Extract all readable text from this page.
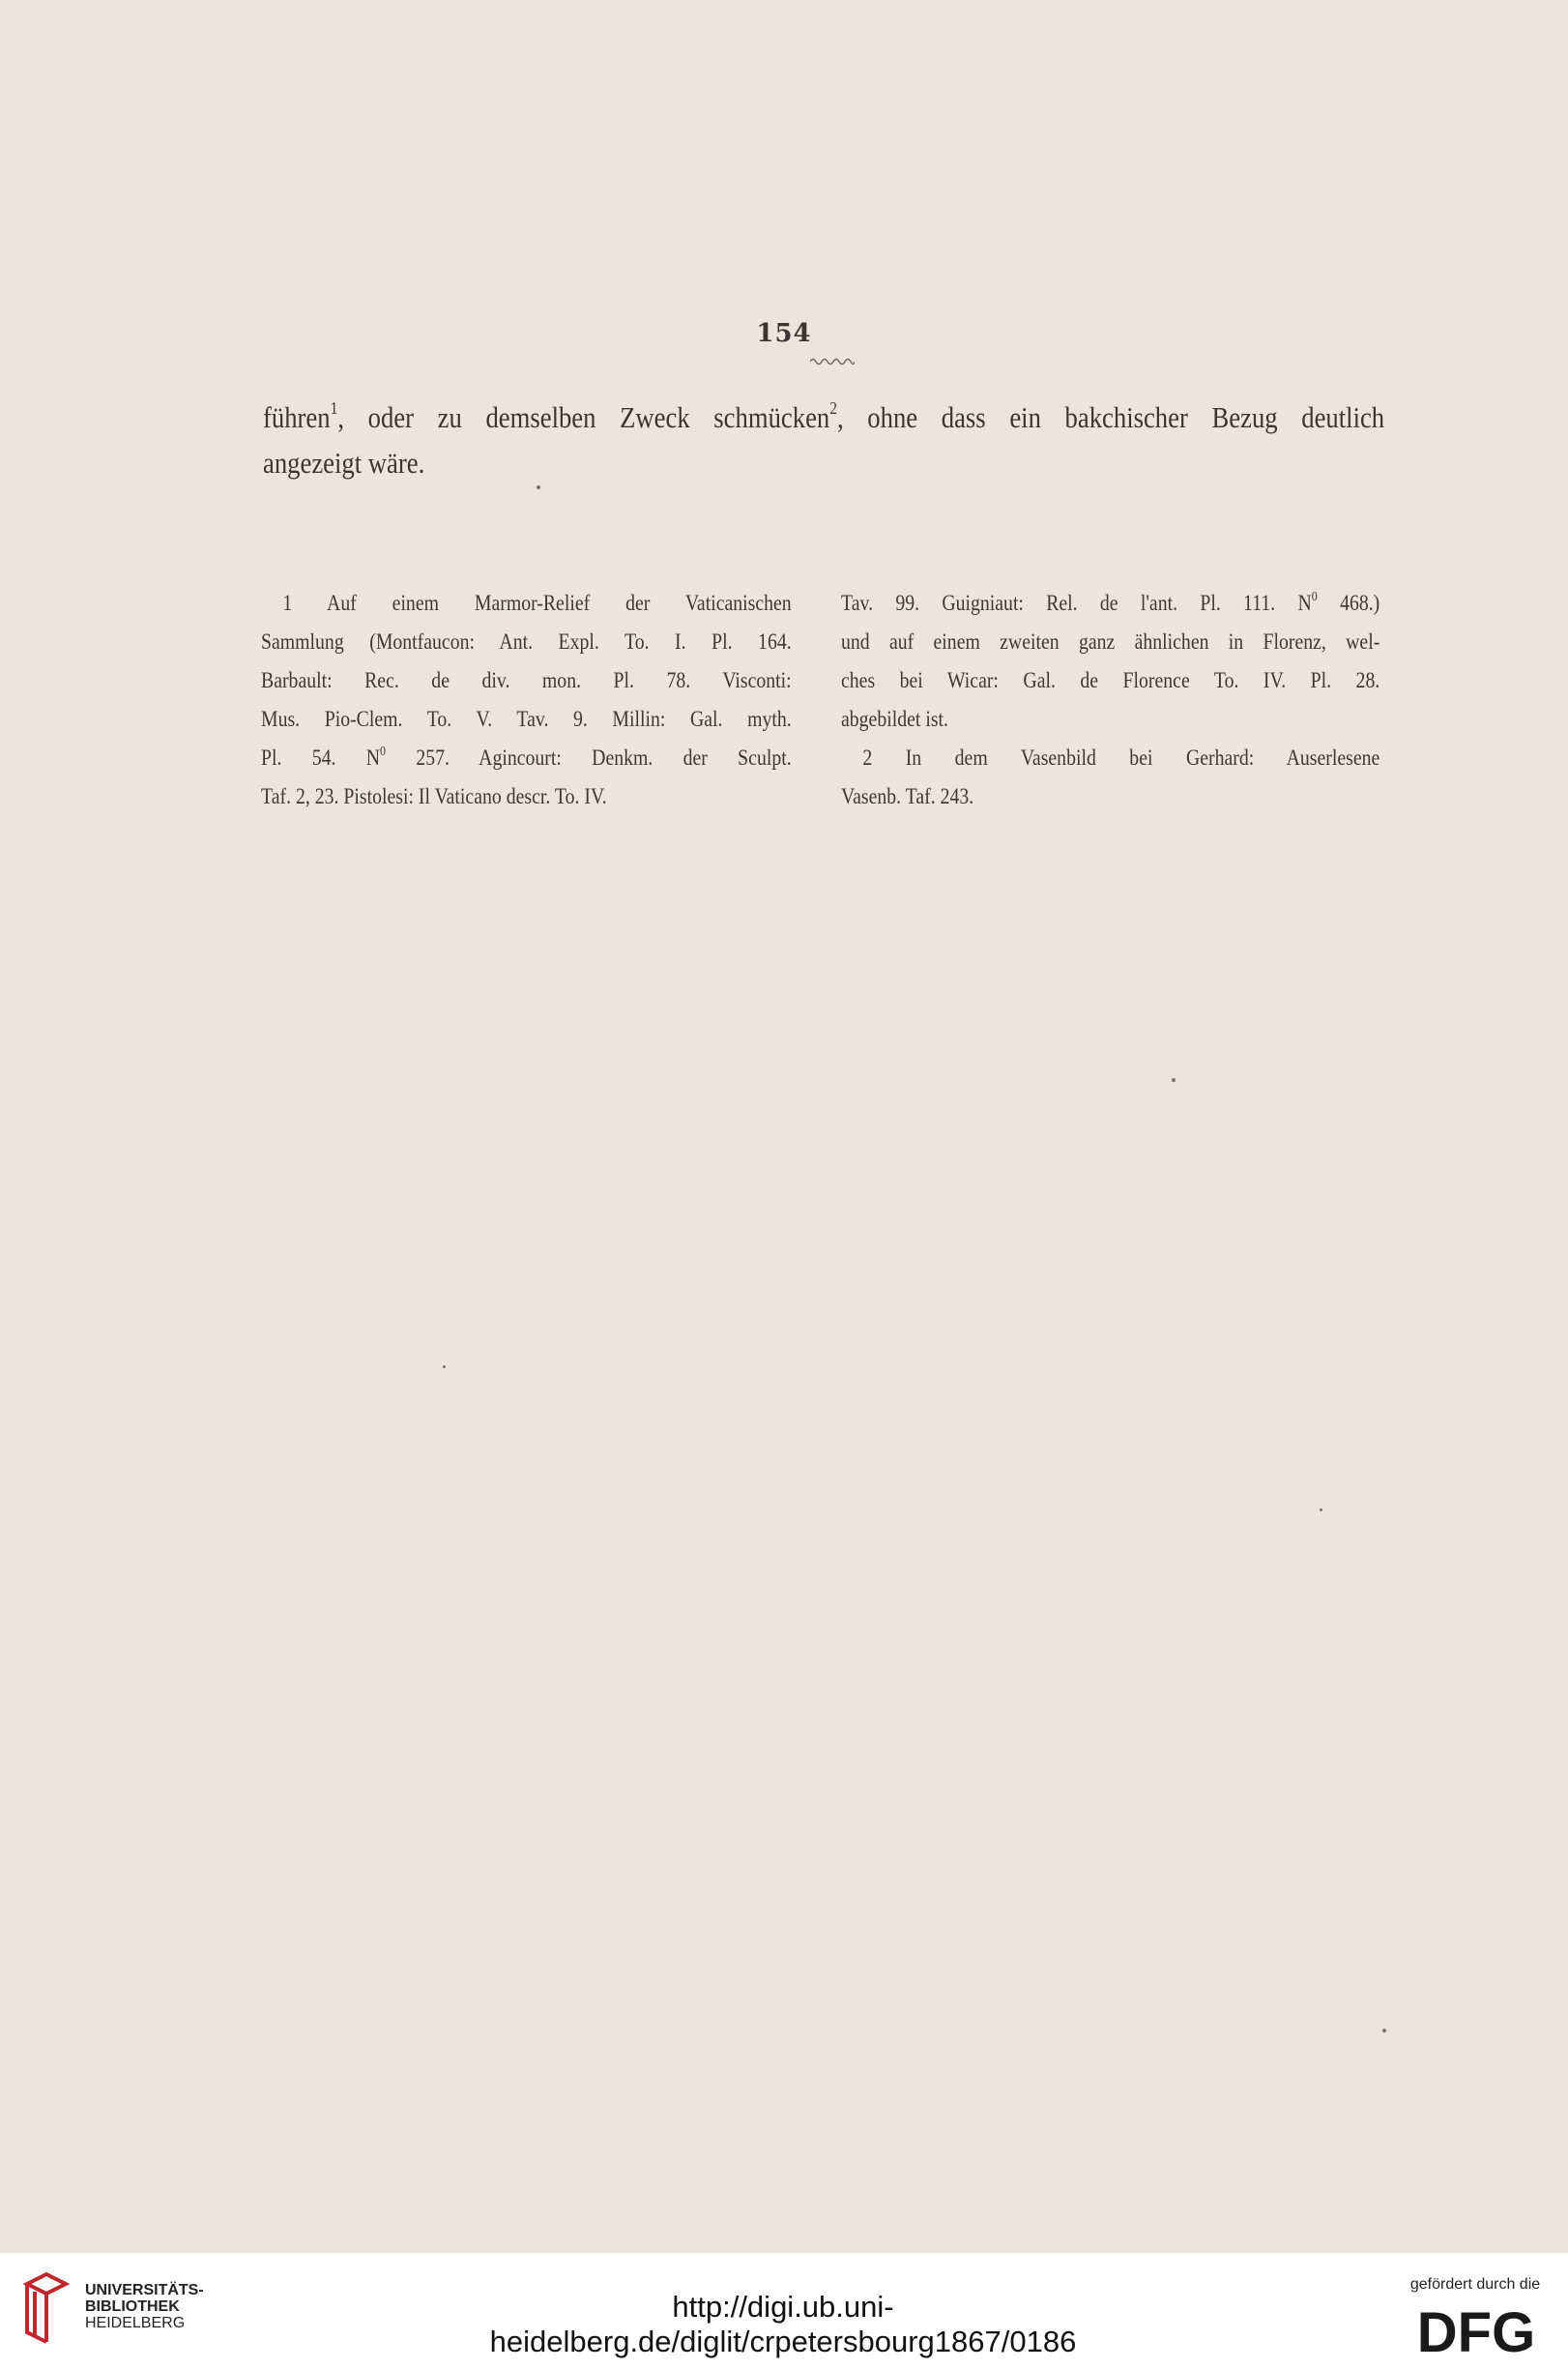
154
führen$^1$, oder zu demselben Zweck schmücken$^2$, ohne dass ein bakchischer Bezug deutlich
angezeigt wäre.
1 Auf einem Marmor-Relief der Vaticanischen
Sammlung (Montfaucon: Ant. Expl. To. I. Pl. 164.
Barbault: Rec. de div. mon. Pl. 78. Visconti:
Mus. Pio-Clem. To. V. Tav. 9. Millin: Gal. myth.
Pl. 54. $N^0$ 257. Agincourt: Denkm. der Sculpt.
Taf. 2, 23. Pistolesi: Il Vaticano descr. To. IV.
Tav. 99. Guigniaut: Rel. de l'ant. Pl. 111. $N^0$ 468.)
und auf einem zweiten ganz ähnlichen in Florenz, wel-
ches bei Wicar: Gal. de Florence To. IV. Pl. 28.
abgebildet ist.
2 In dem Vasenbild bei Gerhard: Auserlesene
Vasenb. Taf. 243.
UNIVERSITÄTS-
BIBLIOTHEK
HEIDELBERG	http://digi.ub.uni-heidelberg.de/diglit/crpetersbourg1867/0186
gefördert durch die
DFG
